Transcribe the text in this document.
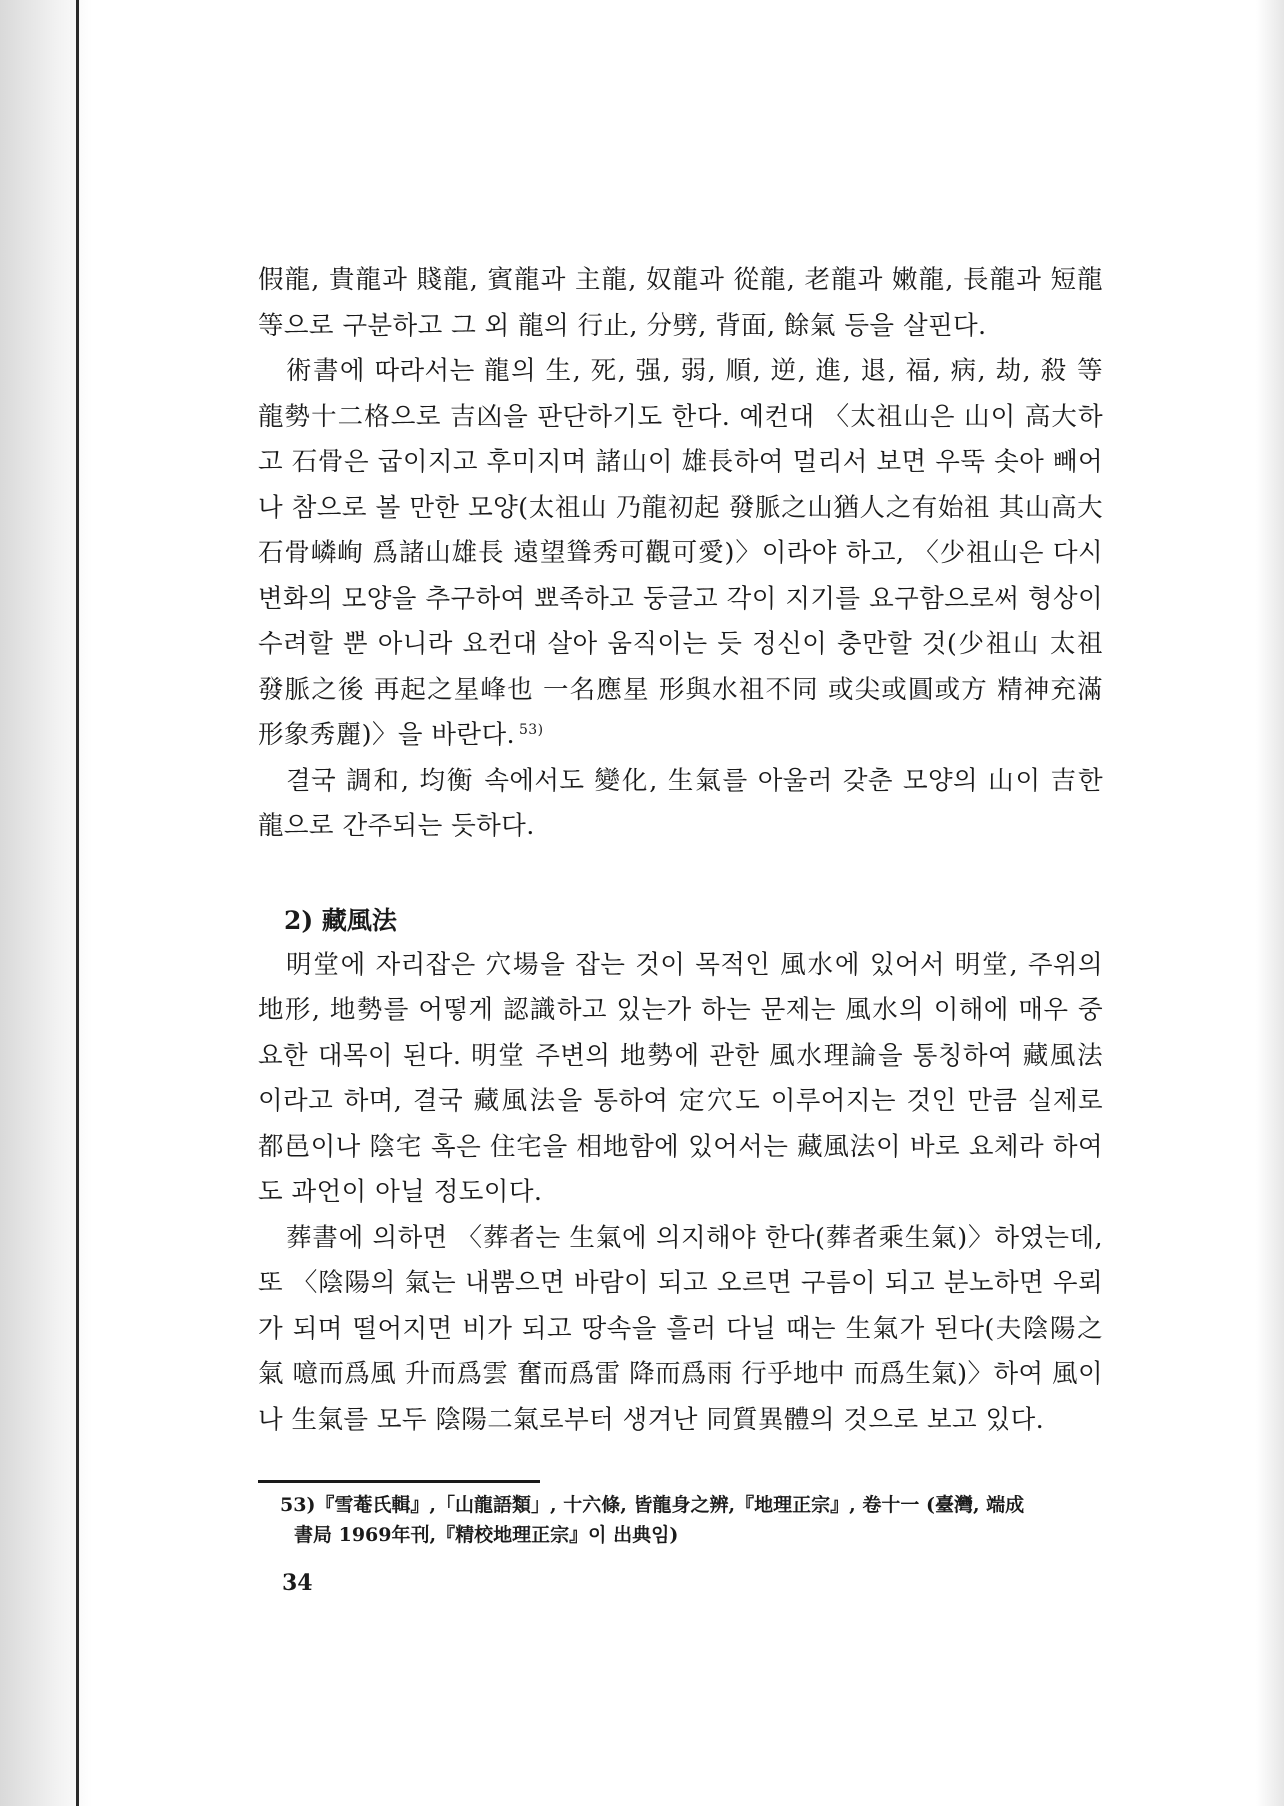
假龍, 貴龍과 賤龍, 賓龍과 主龍, 奴龍과 從龍, 老龍과 嫩龍, 長龍과 短龍 等으로 구분하고 그 외 龍의 行止, 分劈, 背面, 餘氣 등을 살핀다.

術書에 따라서는 龍의 生, 死, 强, 弱, 順, 逆, 進, 退, 福, 病, 劫, 殺 等 龍勢十二格으로 吉凶을 판단하기도 한다. 예컨대 〈太祖山은 山이 高大하고 石骨은 굽이지고 후미지며 諸山이 雄長하여 멀리서 보면 우뚝 솟아 빼어나 참으로 볼 만한 모양(太祖山 乃龍初起 發脈之山猶人之有始祖 其山高大 石骨嶙峋 爲諸山雄長 遠望聳秀可觀可愛)〉이라야 하고, 〈少祖山은 다시 변화의 모양을 추구하여 뾰족하고 둥글고 각이 지기를 요구함으로써 형상이 수려할 뿐 아니라 요컨대 살아 움직이는 듯 정신이 충만할 것(少祖山 太祖發脈之後 再起之星峰也 一名應星 形與水祖不同 或尖或圓或方 精神充滿 形象秀麗)〉을 바란다. $^{53)}$

결국 調和, 均衡 속에서도 變化, 生氣를 아울러 갖춘 모양의 山이 吉한 龍으로 간주되는 듯하다.

2) 藏風法

明堂에 자리잡은 穴場을 잡는 것이 목적인 風水에 있어서 明堂, 주위의 地形, 地勢를 어떻게 認識하고 있는가 하는 문제는 風水의 이해에 매우 중요한 대목이 된다. 明堂 주변의 地勢에 관한 風水理論을 통칭하여 藏風法이라고 하며, 결국 藏風法을 통하여 定穴도 이루어지는 것인 만큼 실제로 都邑이나 陰宅 혹은 住宅을 相地함에 있어서는 藏風法이 바로 요체라 하여도 과언이 아닐 정도이다.

葬書에 의하면 〈葬者는 生氣에 의지해야 한다(葬者乘生氣)〉하였는데, 또 〈陰陽의 氣는 내뿜으면 바람이 되고 오르면 구름이 되고 분노하면 우뢰가 되며 떨어지면 비가 되고 땅속을 흘러 다닐 때는 生氣가 된다(夫陰陽之氣 噫而爲風 升而爲雲 奮而爲雷 降而爲雨 行乎地中 而爲生氣)〉하여 風이나 生氣를 모두 陰陽二氣로부터 생겨난 同質異體의 것으로 보고 있다.

53)『雪菴氏輯』,「山龍語類」, 十六條, 皆龍身之辨,『地理正宗』, 卷十一 (臺灣, 端成
書局 1969年刊,『精校地理正宗』이 出典임)

34
